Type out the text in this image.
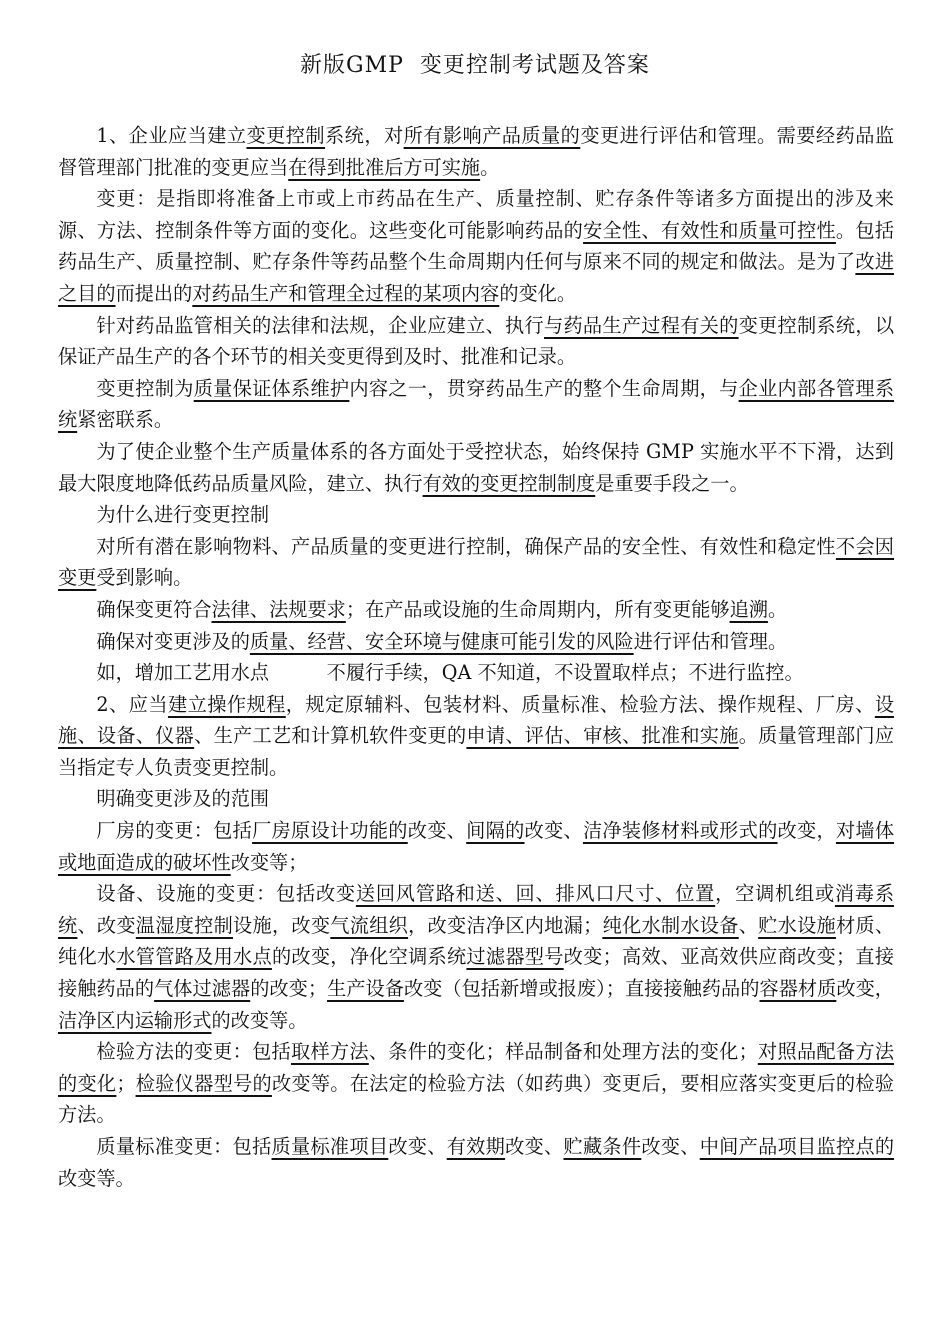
新版GMP  变更控制考试题及答案

1、企业应当建立变更控制系统，对所有影响产品质量的变更进行评估和管理。需要经药品监督管理部门批准的变更应当在得到批准后方可实施。

变更：是指即将准备上市或上市药品在生产、质量控制、贮存条件等诸多方面提出的涉及来源、方法、控制条件等方面的变化。这些变化可能影响药品的安全性、有效性和质量可控性。包括药品生产、质量控制、贮存条件等药品整个生命周期内任何与原来不同的规定和做法。是为了改进之目的而提出的对药品生产和管理全过程的某项内容的变化。

针对药品监管相关的法律和法规，企业应建立、执行与药品生产过程有关的变更控制系统，以保证产品生产的各个环节的相关变更得到及时、批准和记录。

变更控制为质量保证体系维护内容之一，贯穿药品生产的整个生命周期，与企业内部各管理系统紧密联系。

为了使企业整个生产质量体系的各方面处于受控状态，始终保持 GMP 实施水平不下滑，达到最大限度地降低药品质量风险，建立、执行有效的变更控制制度是重要手段之一。

为什么进行变更控制

对所有潜在影响物料、产品质量的变更进行控制，确保产品的安全性、有效性和稳定性不会因变更受到影响。

确保变更符合法律、法规要求；在产品或设施的生命周期内，所有变更能够追溯。

确保对变更涉及的质量、经营、安全环境与健康可能引发的风险进行评估和管理。

如，增加工艺用水点　　　不履行手续，QA 不知道，不设置取样点；不进行监控。

2、应当建立操作规程，规定原辅料、包装材料、质量标准、检验方法、操作规程、厂房、设施、设备、仪器、生产工艺和计算机软件变更的申请、评估、审核、批准和实施。质量管理部门应当指定专人负责变更控制。

明确变更涉及的范围

厂房的变更：包括厂房原设计功能的改变、间隔的改变、洁净装修材料或形式的改变，对墙体或地面造成的破坏性改变等；

设备、设施的变更：包括改变送回风管路和送、回、排风口尺寸、位置，空调机组或消毒系统、改变温湿度控制设施，改变气流组织，改变洁净区内地漏；纯化水制水设备、贮水设施材质、纯化水水管管路及用水点的改变，净化空调系统过滤器型号改变；高效、亚高效供应商改变；直接接触药品的气体过滤器的改变；生产设备改变（包括新增或报废）；直接接触药品的容器材质改变，洁净区内运输形式的改变等。

检验方法的变更：包括取样方法、条件的变化；样品制备和处理方法的变化；对照品配备方法的变化；检验仪器型号的改变等。在法定的检验方法（如药典）变更后，要相应落实变更后的检验方法。

质量标准变更：包括质量标准项目改变、有效期改变、贮藏条件改变、中间产品项目监控点的改变等。
